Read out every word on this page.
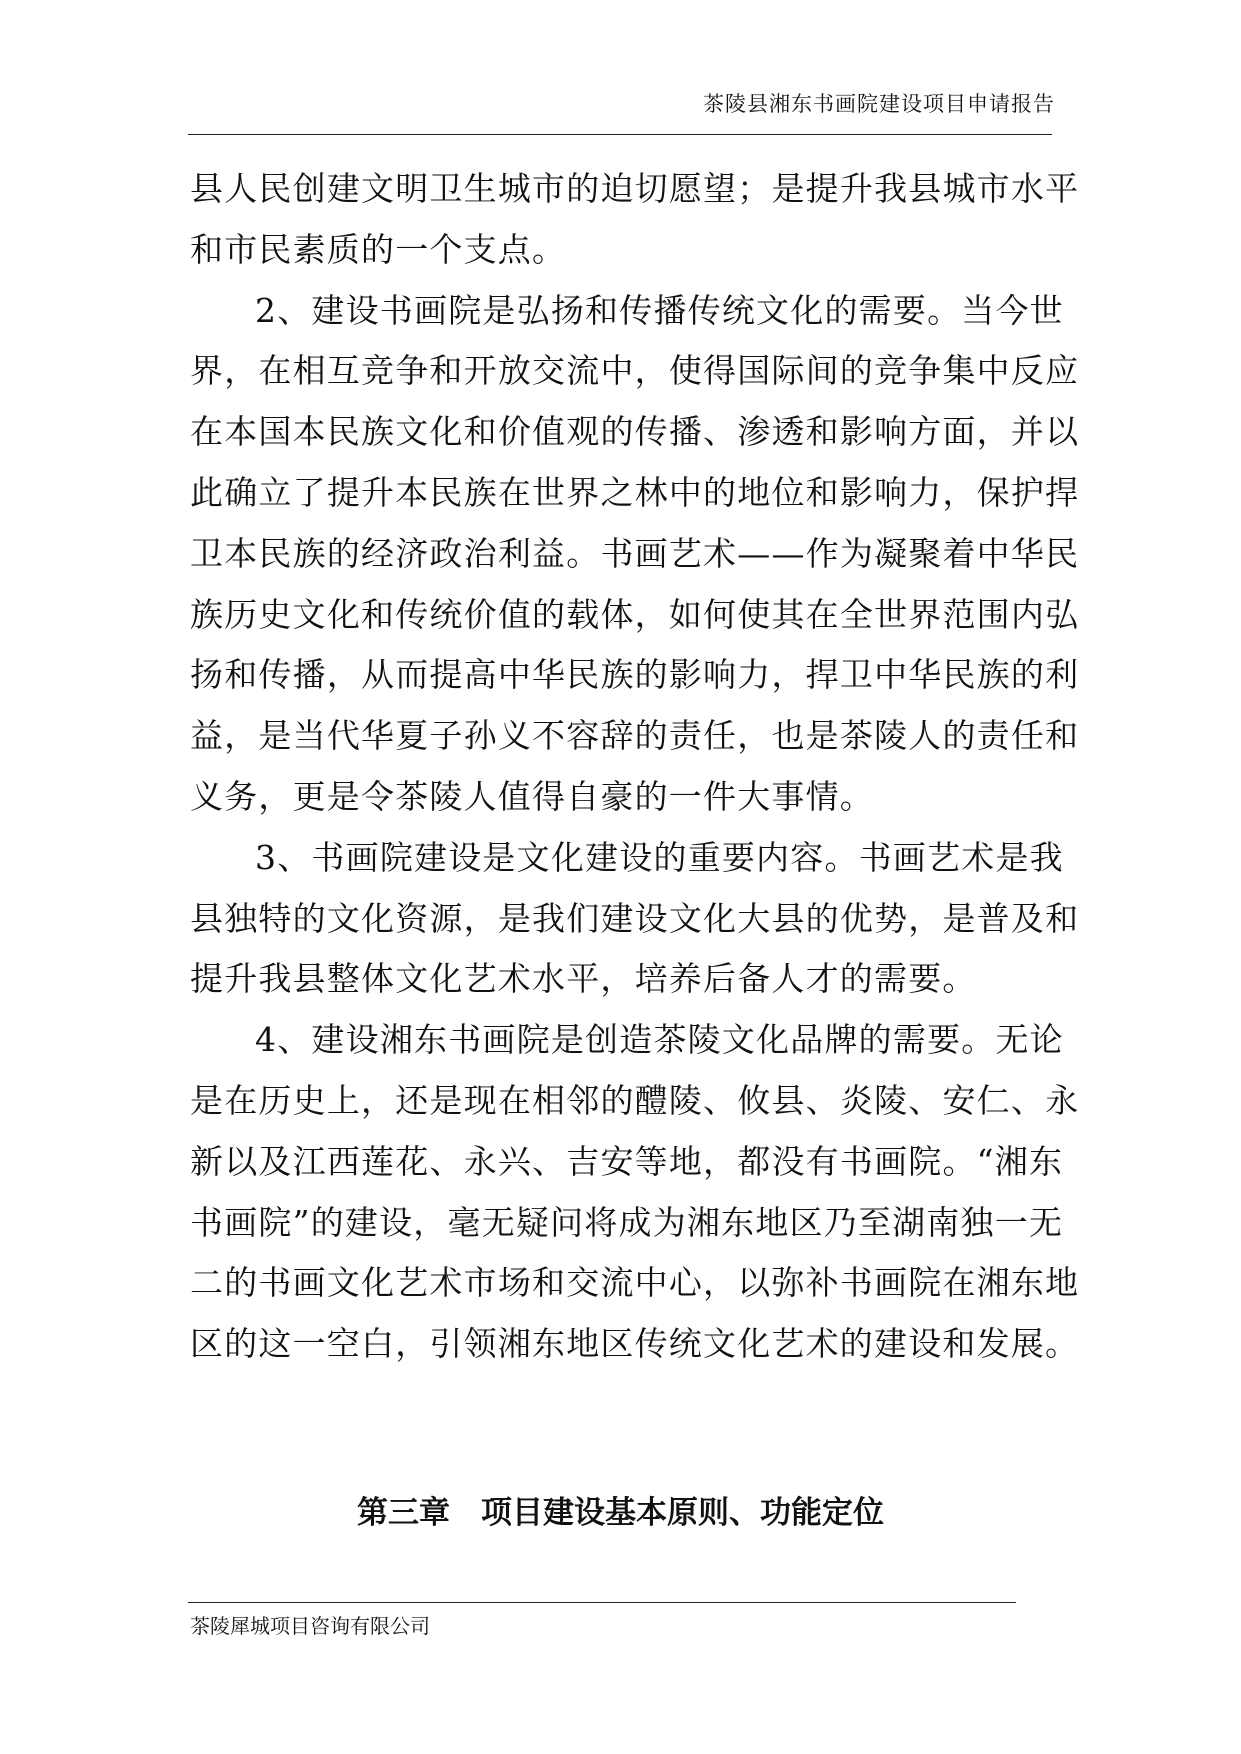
茶陵县湘东书画院建设项目申请报告
县 人 民 创 建 文 明 卫 生 城 市 的 迫 切 愿 望 ； 是 提 升 我 县 城 市 水 平
和市民素质的一个支点。
2 、 建 设 书 画 院 是 弘 扬 和 传 播 传 统 文 化 的 需 要 。 当 今 世
界 ， 在 相 互 竞 争 和 开 放 交 流 中 ， 使 得 国 际 间 的 竞 争 集 中 反 应
在 本 国 本 民 族 文 化 和 价 值 观 的 传 播 、 渗 透 和 影 响 方 面 ， 并 以
此 确 立 了 提 升 本 民 族 在 世 界 之 林 中 的 地 位 和 影 响 力 ， 保 护 捍
卫 本 民 族 的 经 济 政 治 利 益 。 书 画 艺 术 — — 作 为 凝 聚 着 中 华 民
族 历 史 文 化 和 传 统 价 值 的 载 体 ， 如 何 使 其 在 全 世 界 范 围 内 弘
扬 和 传 播 ， 从 而 提 高 中 华 民 族 的 影 响 力 ， 捍 卫 中 华 民 族 的 利
益 ， 是 当 代 华 夏 子 孙 义 不 容 辞 的 责 任 ， 也 是 茶 陵 人 的 责 任 和
义务，更是令茶陵人值得自豪的一件大事情。
3 、 书 画 院 建 设 是 文 化 建 设 的 重 要 内 容 。 书 画 艺 术 是 我
县 独 特 的 文 化 资 源 ， 是 我 们 建 设 文 化 大 县 的 优 势 ， 是 普 及 和
提升我县整体文化艺术水平，培养后备人才的需要。
4 、 建 设 湘 东 书 画 院 是 创 造 茶 陵 文 化 品 牌 的 需 要 。 无 论
是 在 历 史 上 ， 还 是 现 在 相 邻 的 醴 陵 、 攸 县 、 炎 陵 、 安 仁 、 永
新 以 及 江 西 莲 花 、 永 兴 、 吉 安 等 地 ， 都 没 有 书 画 院 。 “ 湘 东
书 画 院 ” 的 建 设 ， 毫 无 疑 问 将 成 为 湘 东 地 区 乃 至 湖 南 独 一 无
二 的 书 画 文 化 艺 术 市 场 和 交 流 中 心 ， 以 弥 补 书 画 院 在 湘 东 地
区的这一空白，引领湘东地区传统文化艺术的建设和发展。
第三章　项目建设基本原则、功能定位
茶陵犀城项目咨询有限公司
